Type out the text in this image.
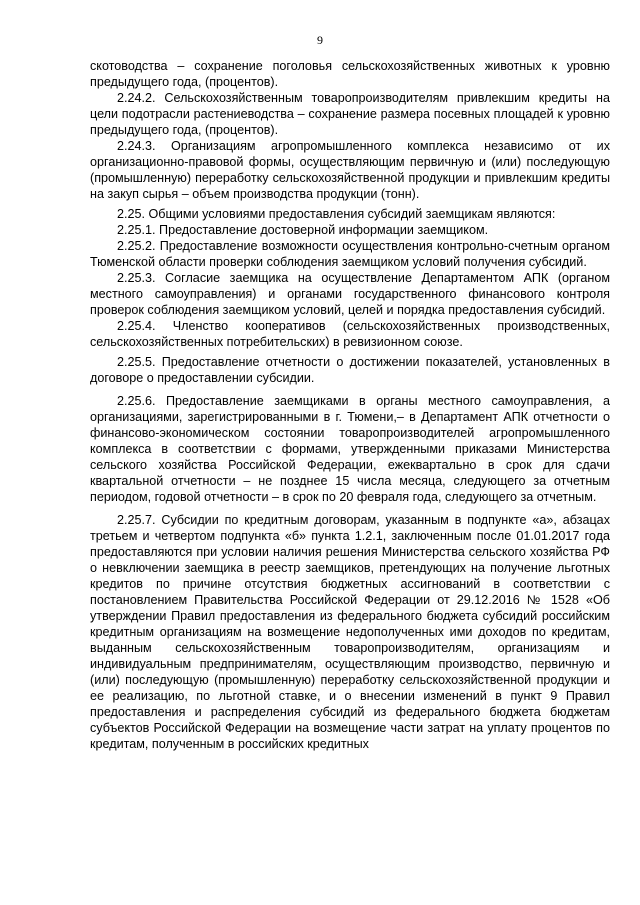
9

скотоводства – сохранение поголовья сельскохозяйственных животных к уровню предыдущего года, (процентов).

2.24.2. Сельскохозяйственным товаропроизводителям привлекшим кредиты на цели подотрасли растениеводства – сохранение размера посевных площадей к уровню предыдущего года, (процентов).

2.24.3. Организациям агропромышленного комплекса независимо от их организационно-правовой формы, осуществляющим первичную и (или) последующую (промышленную) переработку сельскохозяйственной продукции и привлекшим кредиты на закуп сырья – объем производства продукции (тонн).

2.25. Общими условиями предоставления субсидий заемщикам являются:

2.25.1. Предоставление достоверной информации заемщиком.

2.25.2. Предоставление возможности осуществления контрольно-счетным органом Тюменской области проверки соблюдения заемщиком условий получения субсидий.

2.25.3. Согласие заемщика на осуществление Департаментом АПК (органом местного самоуправления) и органами государственного финансового контроля проверок соблюдения заемщиком условий, целей и порядка предоставления субсидий.

2.25.4. Членство кооперативов (сельскохозяйственных производственных, сельскохозяйственных потребительских) в ревизионном союзе.

2.25.5. Предоставление отчетности о достижении показателей, установленных в договоре о предоставлении субсидии.

2.25.6. Предоставление заемщиками в органы местного самоуправления, а организациями, зарегистрированными в г. Тюмени,– в Департамент АПК отчетности о финансово-экономическом состоянии товаропроизводителей агропромышленного комплекса в соответствии с формами, утвержденными приказами Министерства сельского хозяйства Российской Федерации, ежеквартально в срок для сдачи квартальной отчетности – не позднее 15 числа месяца, следующего за отчетным периодом, годовой отчетности – в срок по 20 февраля года, следующего за отчетным.

2.25.7. Субсидии по кредитным договорам, указанным в подпункте «а», абзацах третьем и четвертом подпункта «б» пункта 1.2.1, заключенным после 01.01.2017 года предоставляются при условии наличия решения Министерства сельского хозяйства РФ о невключении заемщика в реестр заемщиков, претендующих на получение льготных кредитов по причине отсутствия бюджетных ассигнований в соответствии с постановлением Правительства Российской Федерации от 29.12.2016 № 1528 «Об утверждении Правил предоставления из федерального бюджета субсидий российским кредитным организациям на возмещение недополученных ими доходов по кредитам, выданным сельскохозяйственным товаропроизводителям, организациям и индивидуальным предпринимателям, осуществляющим производство, первичную и (или) последующую (промышленную) переработку сельскохозяйственной продукции и ее реализацию, по льготной ставке, и о внесении изменений в пункт 9 Правил предоставления и распределения субсидий из федерального бюджета бюджетам субъектов Российской Федерации на возмещение части затрат на уплату процентов по кредитам, полученным в российских кредитных
